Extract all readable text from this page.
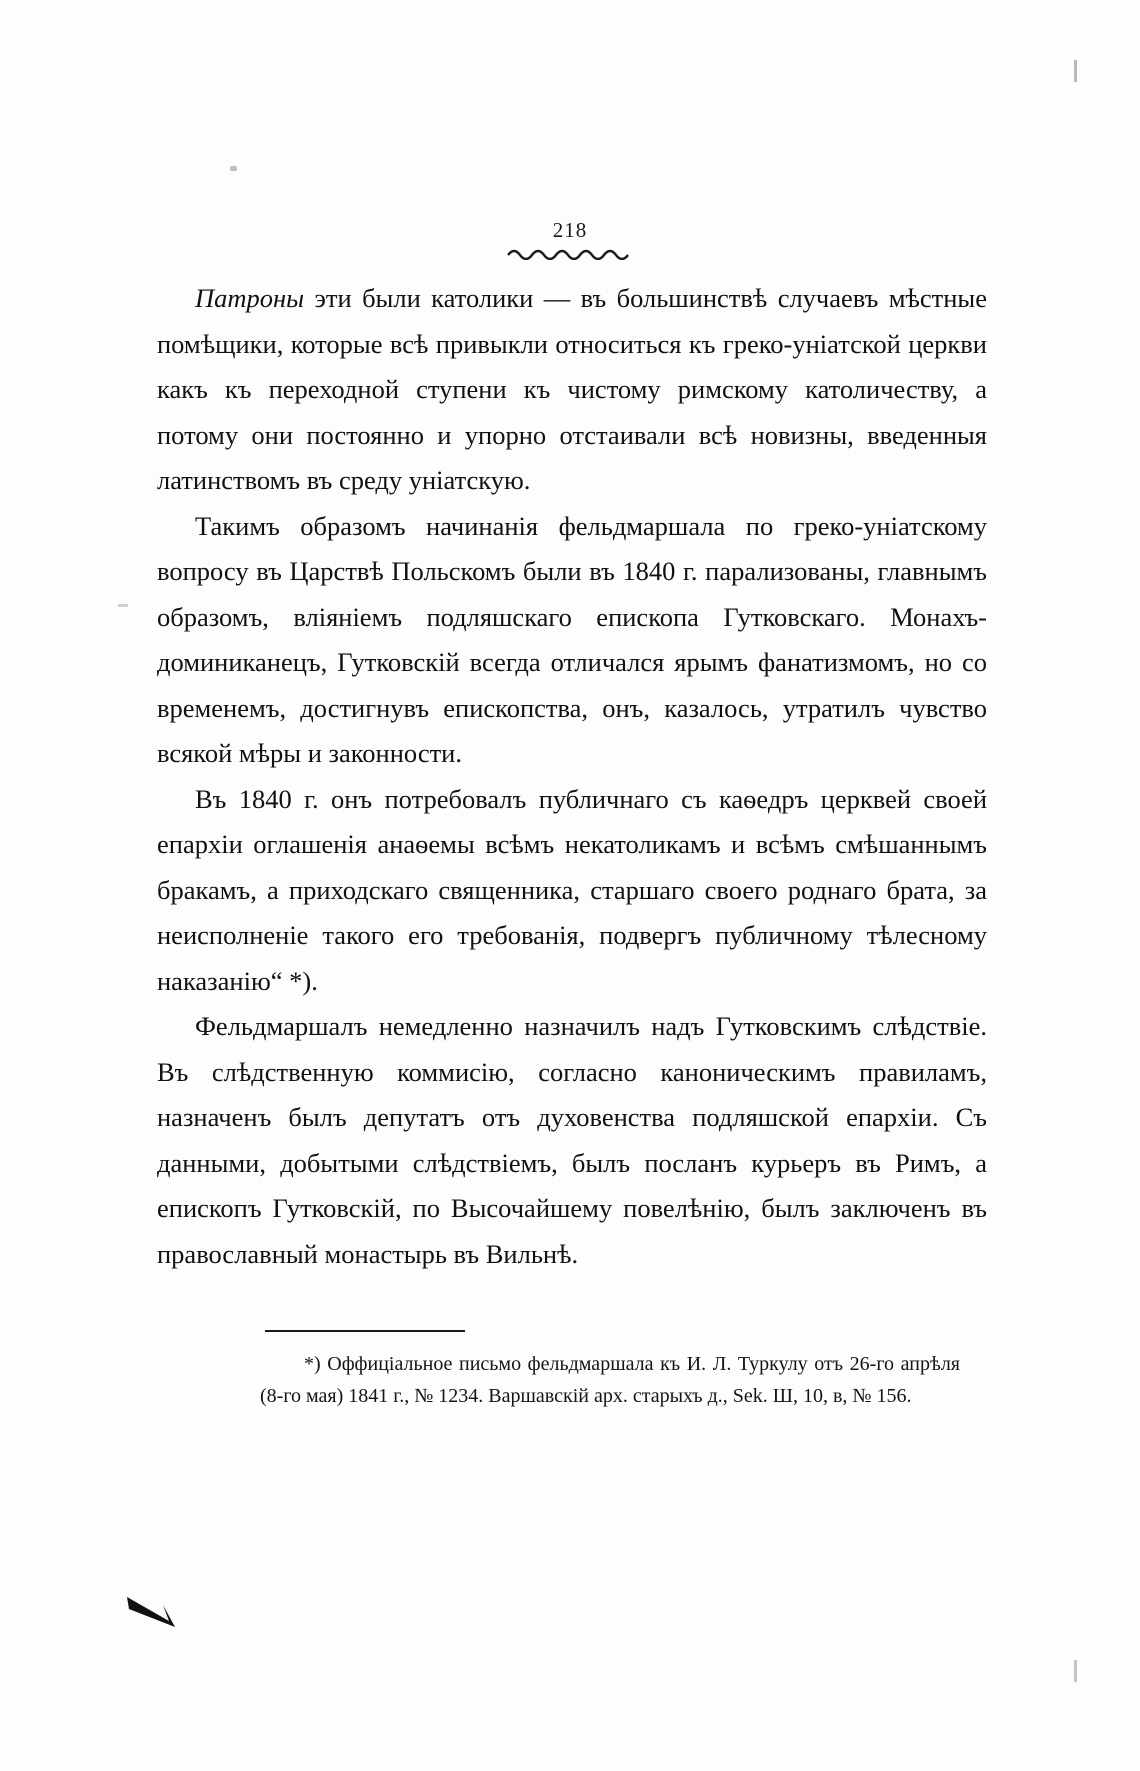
218

Патроны эти были католики — въ большинствѣ случаевъ мѣстные помѣщики, которые всѣ привыкли относиться къ греко-уніатской церкви какъ къ переходной ступени къ чистому римскому католичеству, а потому они постоянно и упорно отстаивали всѣ новизны, введенныя латинствомъ въ среду уніатскую.

Такимъ образомъ начинанія фельдмаршала по греко-уніатскому вопросу въ Царствѣ Польскомъ были въ 1840 г. парализованы, главнымъ образомъ, вліяніемъ подляшскаго епископа Гутковскаго. Монахъ-доминиканецъ, Гутковскій всегда отличался ярымъ фанатизмомъ, но со временемъ, достигнувъ епископства, онъ, казалось, утратилъ чувство всякой мѣры и законности.

Въ 1840 г. онъ потребовалъ публичнаго съ каѳедръ церквей своей епархіи оглашенія анаѳемы всѣмъ некатоликамъ и всѣмъ смѣшаннымъ бракамъ, а приходскаго священника, старшаго своего роднаго брата, за неисполненіе такого его требованія, подвергъ публичному тѣлесному наказанію“ *).

Фельдмаршалъ немедленно назначилъ надъ Гутковскимъ слѣдствіе. Въ слѣдственную коммисію, согласно каноническимъ правиламъ, назначенъ былъ депутатъ отъ духовенства подляшской епархіи. Съ данными, добытыми слѣдствіемъ, былъ посланъ курьеръ въ Римъ, а епископъ Гутковскій, по Высочайшему повелѣнію, былъ заключенъ въ православный монастырь въ Вильнѣ.

*) Оффиціальное письмо фельдмаршала къ И. Л. Туркулу отъ 26-го апрѣля (8-го мая) 1841 г., № 1234. Варшавскій арх. старыхъ д., Sek. Ш, 10, в, № 156.
